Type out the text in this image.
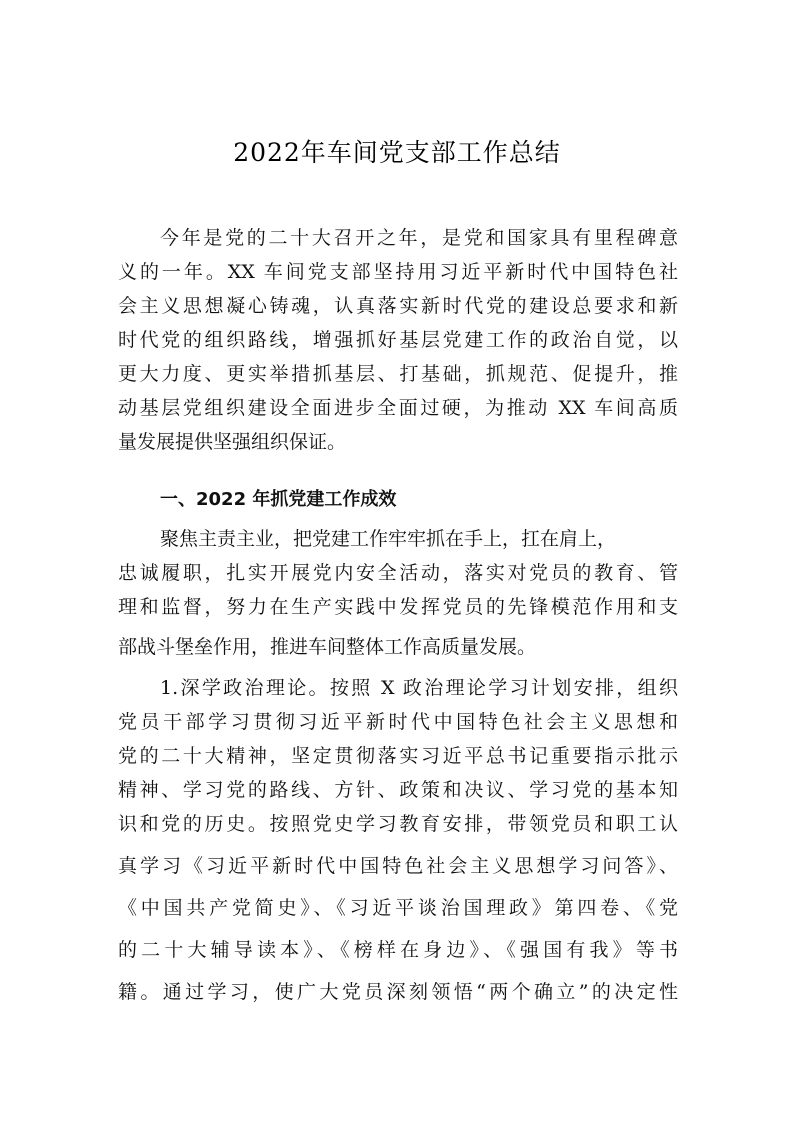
2022年车间党支部工作总结
今年是党的二十大召开之年，是党和国家具有里程碑意
义的一年。XX 车间党支部坚持用习近平新时代中国特色社
会主义思想凝心铸魂，认真落实新时代党的建设总要求和新
时代党的组织路线，增强抓好基层党建工作的政治自觉，以
更大力度、更实举措抓基层、打基础，抓规范、促提升，推
动基层党组织建设全面进步全面过硬，为推动 XX 车间高质
量发展提供坚强组织保证。
一、2022 年抓党建工作成效
聚焦主责主业，把党建工作牢牢抓在手上，扛在肩上，
忠诚履职，扎实开展党内安全活动，落实对党员的教育、管
理和监督，努力在生产实践中发挥党员的先锋模范作用和支
部战斗堡垒作用，推进车间整体工作高质量发展。
1.深学政治理论。按照 X 政治理论学习计划安排，组织
党员干部学习贯彻习近平新时代中国特色社会主义思想和
党的二十大精神，坚定贯彻落实习近平总书记重要指示批示
精神、学习党的路线、方针、政策和决议、学习党的基本知
识和党的历史。按照党史学习教育安排，带领党员和职工认
真学习《习近平新时代中国特色社会主义思想学习问答》、
《中国共产党简史》、《习近平谈治国理政》第四卷、《党
的二十大辅导读本》、《榜样在身边》、《强国有我》等书
籍。通过学习，使广大党员深刻领悟“两个确立”的决定性
